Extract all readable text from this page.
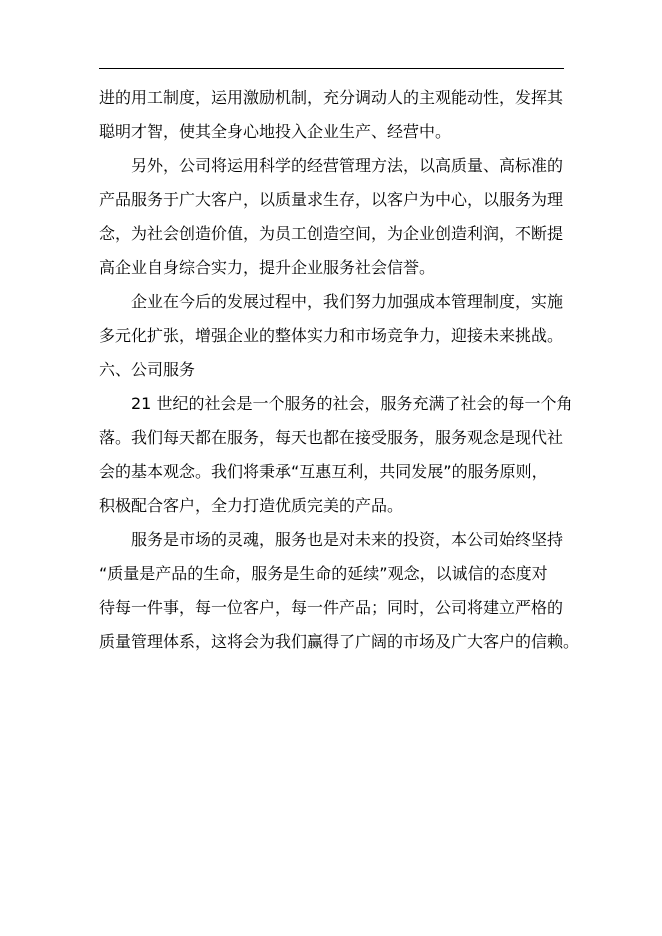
进的用工制度，运用激励机制，充分调动人的主观能动性，发挥其
聪明才智，使其全身心地投入企业生产、经营中。
另外，公司将运用科学的经营管理方法，以高质量、高标准的
产品服务于广大客户，以质量求生存，以客户为中心，以服务为理
念，为社会创造价值，为员工创造空间，为企业创造利润，不断提
高企业自身综合实力，提升企业服务社会信誉。
企业在今后的发展过程中，我们努力加强成本管理制度，实施
多元化扩张，增强企业的整体实力和市场竞争力，迎接未来挑战。
六、公司服务
21 世纪的社会是一个服务的社会，服务充满了社会的每一个角
落。我们每天都在服务，每天也都在接受服务，服务观念是现代社
会的基本观念。我们将秉承“互惠互利，共同发展”的服务原则，
积极配合客户，全力打造优质完美的产品。
服务是市场的灵魂，服务也是对未来的投资，本公司始终坚持
“质量是产品的生命，服务是生命的延续”观念，以诚信的态度对
待每一件事，每一位客户，每一件产品；同时，公司将建立严格的
质量管理体系，这将会为我们赢得了广阔的市场及广大客户的信赖。
